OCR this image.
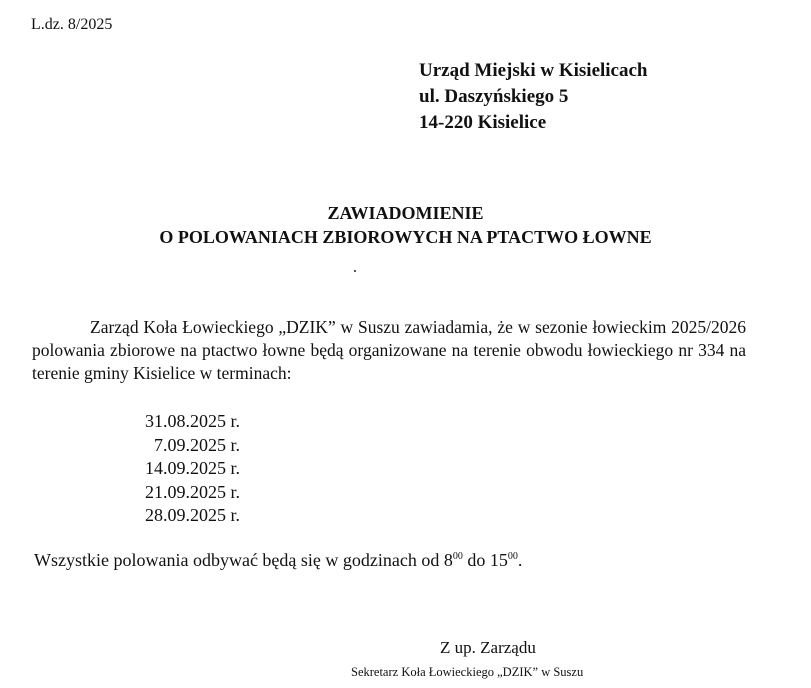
L.dz. 8/2025
Urząd Miejski w Kisielicach
ul. Daszyńskiego 5
14-220 Kisielice
ZAWIADOMIENIE
O POLOWANIACH ZBIOROWYCH NA PTACTWO ŁOWNE
Zarząd Koła Łowieckiego „DZIK” w Suszu zawiadamia, że w sezonie łowieckim 2025/2026 polowania zbiorowe na ptactwo łowne będą organizowane na terenie obwodu łowieckiego nr 334 na terenie gminy Kisielice w terminach:
31.08.2025 r.
7.09.2025 r.
14.09.2025 r.
21.09.2025 r.
28.09.2025 r.
Wszystkie polowania odbywać będą się w godzinach od $8^{00}$ do $15^{00}$.
Z up. Zarządu
Sekretarz Koła Łowieckiego „DZIK” w Suszu
